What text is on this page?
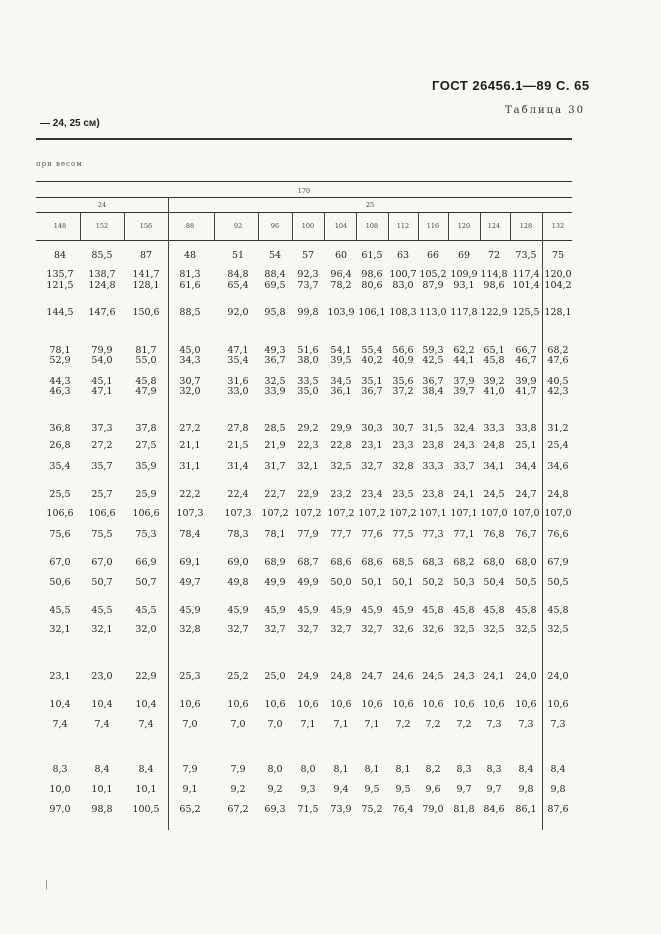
ГОСТ 26456.1—89 С. 65
Таблица 30
— 24, 25 см)
при весом
170
24	25
148	152	156	88	92	96	100	104	108	112	116	120	124	128	132
84	85,5	87	48	51	54 57 60 61,5 63 66 69 72 73,5 75
135,7 138,7 141,7 81,3	84,8 88,4 92,3 96,4 98,6 100,7 105,2 109,9 114,8 117,4 120,0
121,5 124,8 128,1 61,6	65,4 69,5 73,7 78,2 80,6 83,0 87,9 93,1 98,6 101,4 104,2
144,5 147,6 150,6 88,5	92,0 95,8 99,8 103,9 106,1 108,3 113,0 117,8 122,9 125,5 128,1
78,1 79,9 81,7 45,0	47,1 49,3 51,6 54,1 55,4 56,6 59,3 62,2 65,1 66,7 68,2
52,9 54,0 55,0 34,3	35,4 36,7 38,0 39,5 40,2 40,9 42,5 44,1 45,8 46,7 47,6
44,3 45,1 45,8 30,7	31,6 32,5 33,5 34,5 35,1 35,6 36,7 37,9 39,2 39,9 40,5
46,3 47,1 47,9 32,0	33,0 33,9 35,0 36,1 36,7 37,2 38,4 39,7 41,0 41,7 42,3
36,8 37,3 37,8 27,2	27,8 28,5 29,2 29,9 30,3 30,7 31,5 32,4 33,3 33,8 31,2
26,8 27,2 27,5 21,1	21,5 21,9 22,3 22,8 23,1 23,3 23,8 24,3 24,8 25,1 25,4
35,4 35,7 35,9 31,1	31,4 31,7 32,1 32,5 32,7 32,8 33,3 33,7 34,1 34,4 34,6
25,5 25,7 25,9 22,2	22,4 22,7 22,9 23,2 23,4 23,5 23,8 24,1 24,5 24,7 24,8
106,6 106,6 106,6 107,3 107,3 107,2 107,2 107,2 107,2 107,2 107,1 107,1 107,0 107,0 107,0
75,6 75,5 75,3 78,4	78,3 78,1 77,9 77,7 77,6 77,5 77,3 77,1 76,8 76,7 76,6
67,0 67,0 66,9 69,1	69,0 68,9 68,7 68,6 68,6 68,5 68,3 68,2 68,0 68,0 67,9
50,6 50,7 50,7 49,7	49,8 49,9 49,9 50,0 50,1 50,1 50,2 50,3 50,4 50,5 50,5
45,5 45,5 45,5 45,9	45,9 45,9 45,9 45,9 45,9 45,9 45,8 45,8 45,8 45,8 45,8
32,1 32,1 32,0 32,8	32,7 32,7 32,7 32,7 32,7 32,6 32,6 32,5 32,5 32,5 32,5
23,1 23,0 22,9 25,3	25,2 25,0 24,9 24,8 24,7 24,6 24,5 24,3 24,1 24,0 24,0
10,4 10,4 10,4 10,6	10,6 10,6 10,6 10,6 10,6 10,6 10,6 10,6 10,6 10,6 10,6
7,4	7,4	7,4	7,0	7,0 7,0 7,1 7,1 7,1 7,2 7,2 7,2 7,3 7,3 7,3
8,3	8,4	8,4	7,9	7,9 8,0 8,0 8,1 8,1 8,1 8,2 8,3 8,3 8,4 8,4
10,0 10,1 10,1	9,1	9,2 9,2 9,3 9,4 9,5 9,5 9,6 9,7 9,7 9,8 9,8
97,0 98,8 100,5 65,2	67,2 69,3 71,5 73,9 75,2 76,4 79,0 81,8 84,6 86,1 87,6
|
